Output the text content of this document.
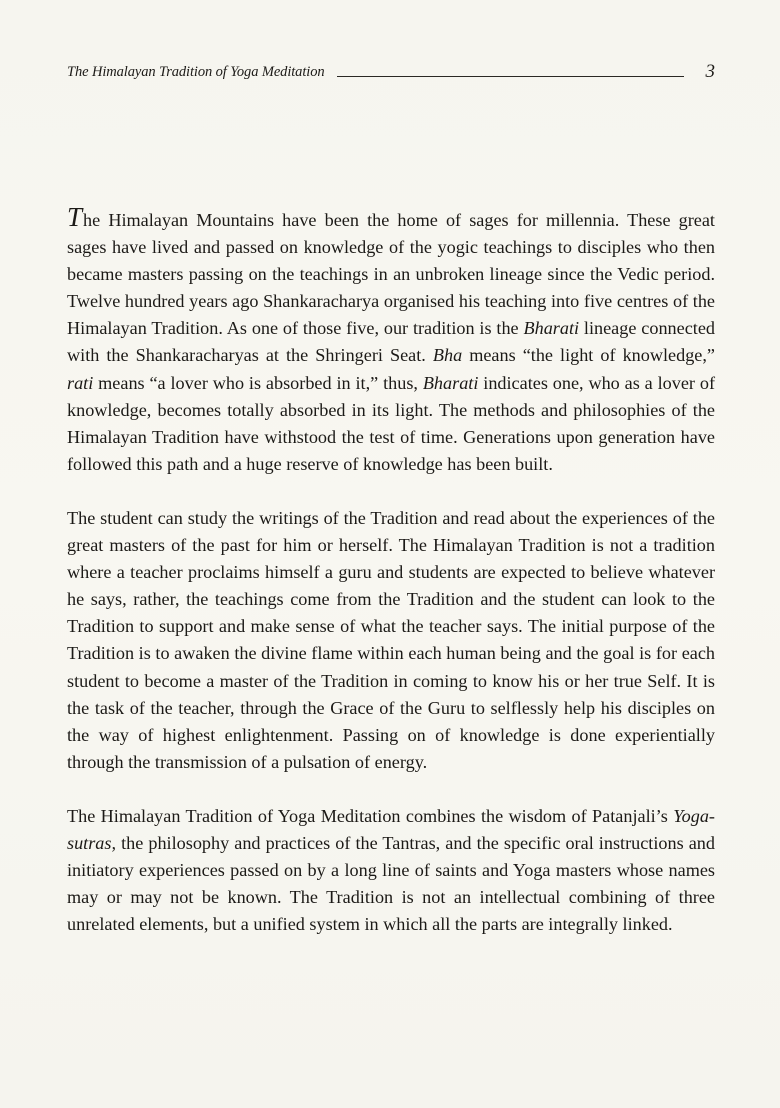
The Himalayan Tradition of Yoga Meditation	3

The Himalayan Mountains have been the home of sages for millennia. These great sages have lived and passed on knowledge of the yogic teachings to disciples who then became masters passing on the teachings in an unbroken lineage since the Vedic period. Twelve hundred years ago Shankaracharya organised his teaching into five centres of the Himalayan Tradition. As one of those five, our tradition is the Bharati lineage connected with the Shankaracharyas at the Shringeri Seat. Bha means “the light of knowledge,” rati means “a lover who is absorbed in it,” thus, Bharati indicates one, who as a lover of knowledge, becomes totally absorbed in its light. The methods and philosophies of the Himalayan Tradition have withstood the test of time. Generations upon generation have followed this path and a huge reserve of knowledge has been built.

The student can study the writings of the Tradition and read about the experiences of the great masters of the past for him or herself. The Himalayan Tradition is not a tradition where a teacher proclaims himself a guru and students are expected to believe whatever he says, rather, the teachings come from the Tradition and the student can look to the Tradition to support and make sense of what the teacher says. The initial purpose of the Tradition is to awaken the divine flame within each human being and the goal is for each student to become a master of the Tradition in coming to know his or her true Self. It is the task of the teacher, through the Grace of the Guru to selflessly help his disciples on the way of highest enlightenment. Passing on of knowledge is done experientially through the transmission of a pulsation of energy.

The Himalayan Tradition of Yoga Meditation combines the wisdom of Patanjali’s Yoga-sutras, the philosophy and practices of the Tantras, and the specific oral instructions and initiatory experiences passed on by a long line of saints and Yoga masters whose names may or may not be known. The Tradition is not an intellectual combining of three unrelated elements, but a unified system in which all the parts are integrally linked.
